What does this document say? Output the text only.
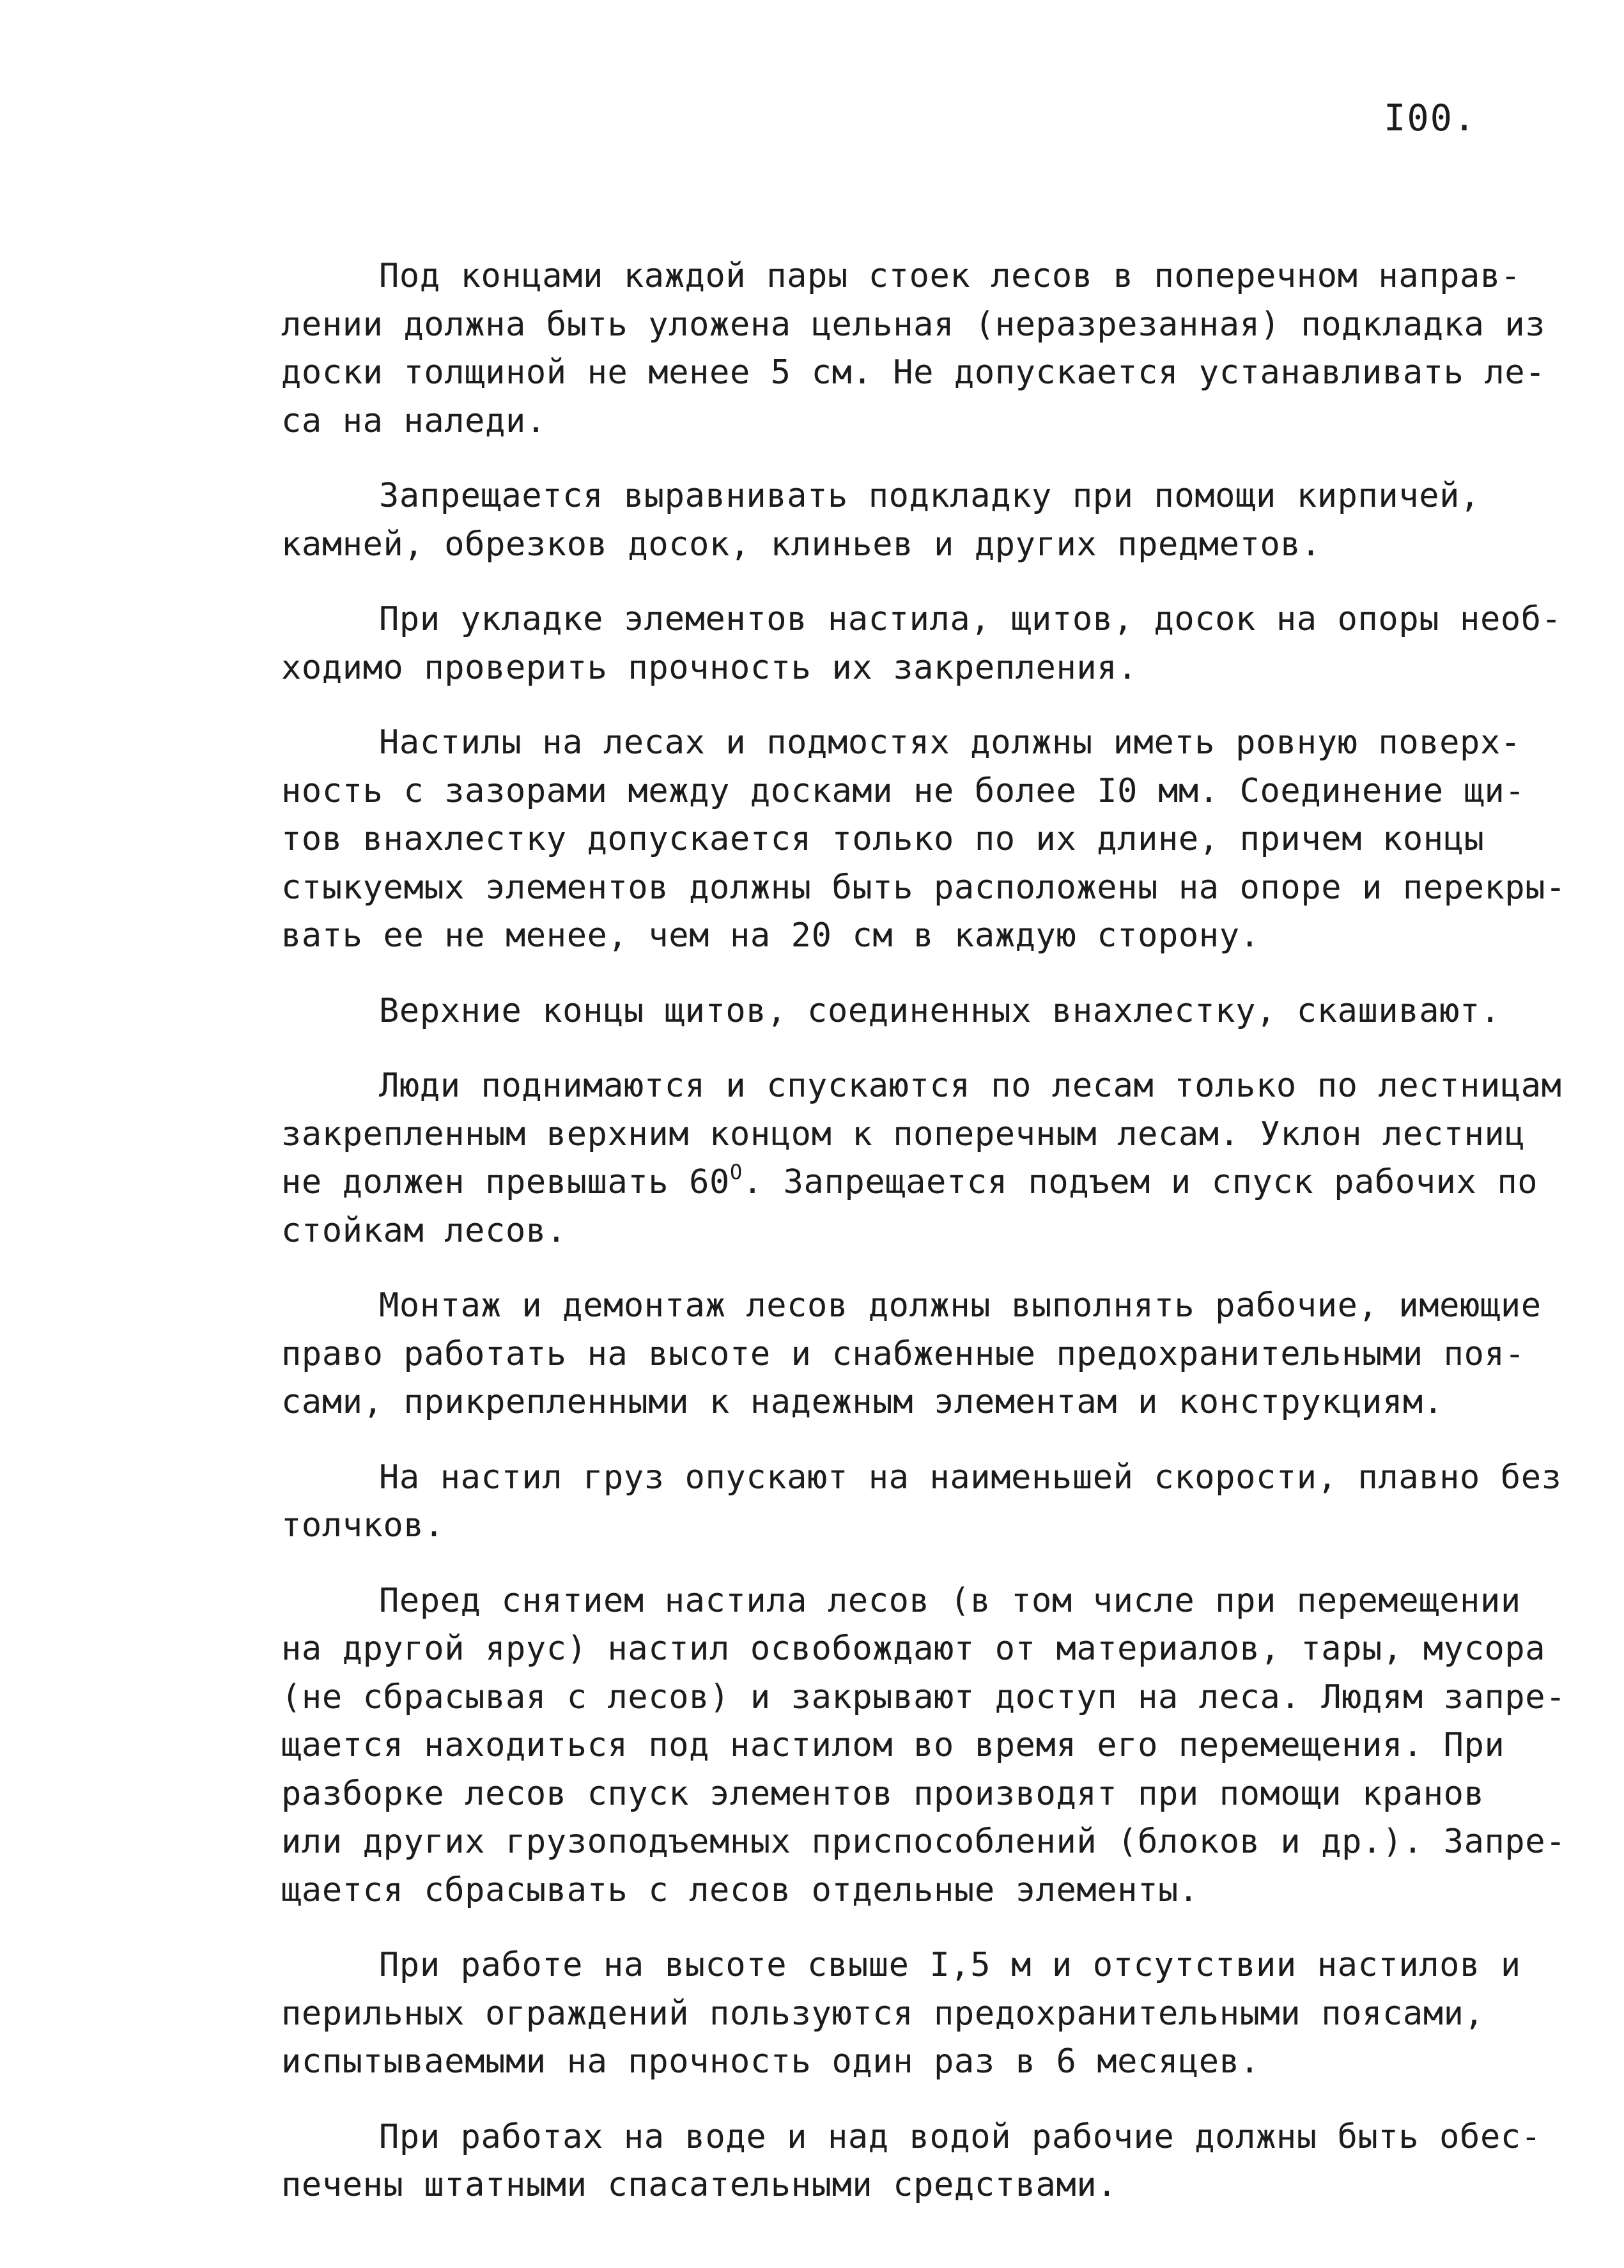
I00.
Под концами каждой пары стоек лесов в поперечном направ-
лении должна быть уложена цельная (неразрезанная) подкладка из
доски толщиной не менее 5 см. Не допускается устанавливать ле-
са на наледи.
Запрещается выравнивать подкладку при помощи кирпичей,
камней, обрезков досок, клиньев и других предметов.
При укладке элементов настила, щитов, досок на опоры необ-
ходимо проверить прочность их закрепления.
Настилы на лесах и подмостях должны иметь ровную поверх-
ность с зазорами между досками не более I0 мм. Соединение щи-
тов внахлестку допускается только по их длине, причем концы
стыкуемых элементов должны быть расположены на опоре и перекры-
вать ее не менее, чем на 20 см в каждую сторону.
Верхние концы щитов, соединенных внахлестку, скашивают.
Люди поднимаются и спускаются по лесам только по лестницам
закрепленным верхним концом к поперечным лесам. Уклон лестниц
не должен превышать $60^О$. Запрещается подъем и спуск рабочих по
стойкам лесов.
Монтаж и демонтаж лесов должны выполнять рабочие, имеющие
право работать на высоте и снабженные предохранительными поя-
сами, прикрепленными к надежным элементам и конструкциям.
На настил груз опускают на наименьшей скорости, плавно без
толчков.
Перед снятием настила лесов (в том числе при перемещении
на другой ярус) настил освобождают от материалов, тары, мусора
(не сбрасывая с лесов) и закрывают доступ на леса. Людям запре-
щается находиться под настилом во время его перемещения. При
разборке лесов спуск элементов производят при помощи кранов
или других грузоподъемных приспособлений (блоков и др.). Запре-
щается сбрасывать с лесов отдельные элементы.
При работе на высоте свыше I,5 м и отсутствии настилов и
перильных ограждений пользуются предохранительными поясами,
испытываемыми на прочность один раз в 6 месяцев.
При работах на воде и над водой рабочие должны быть обес-
печены штатными спасательными средствами.
